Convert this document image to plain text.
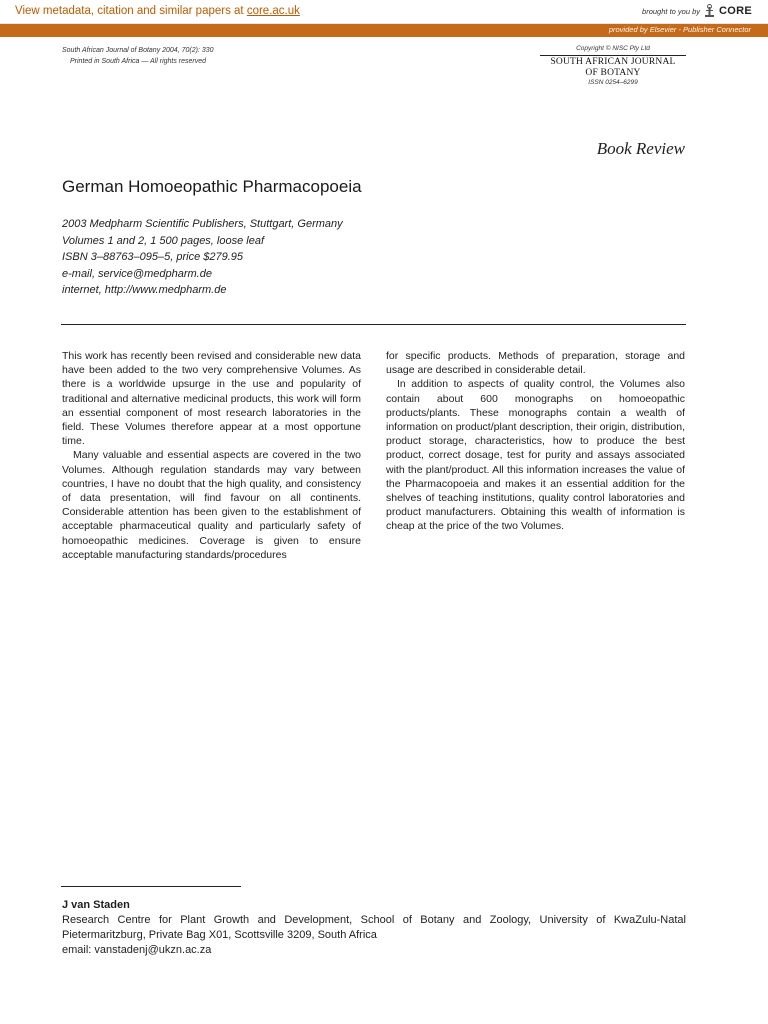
View metadata, citation and similar papers at core.ac.uk	brought to you by CORE
provided by Elsevier - Publisher Connector
South African Journal of Botany 2004, 70(2): 330
Printed in South Africa — All rights reserved
Copyright © NISC Pty Ltd
SOUTH AFRICAN JOURNAL
OF BOTANY
ISSN 0254–6299
Book Review
German Homoeopathic Pharmacopoeia
2003 Medpharm Scientific Publishers, Stuttgart, Germany
Volumes 1 and 2, 1 500 pages, loose leaf
ISBN 3–88763–095–5, price $279.95
e-mail, service@medpharm.de
internet, http://www.medpharm.de

This work has recently been revised and considerable new data have been added to the two very comprehensive Volumes. As there is a worldwide upsurge in the use and popularity of traditional and alternative medicinal products, this work will form an essential component of most research laboratories in the field. These Volumes therefore appear at a most opportune time.

Many valuable and essential aspects are covered in the two Volumes. Although regulation standards may vary between countries, I have no doubt that the high quality, and consistency of data presentation, will find favour on all continents. Considerable attention has been given to the establishment of acceptable pharmaceutical quality and particularly safety of homoeopathic medicines. Coverage is given to ensure acceptable manufacturing standards/procedures

for specific products. Methods of preparation, storage and usage are described in considerable detail.

In addition to aspects of quality control, the Volumes also contain about 600 monographs on homoeopathic products/plants. These monographs contain a wealth of information on product/plant description, their origin, distribution, product storage, characteristics, how to produce the best product, correct dosage, test for purity and assays associated with the plant/product. All this information increases the value of the Pharmacopoeia and makes it an essential addition for the shelves of teaching institutions, quality control laboratories and product manufacturers. Obtaining this wealth of information is cheap at the price of the two Volumes.

J van Staden
Research Centre for Plant Growth and Development, School of Botany and Zoology, University of KwaZulu-Natal Pietermaritzburg, Private Bag X01, Scottsville 3209, South Africa
email: vanstadenj@ukzn.ac.za
